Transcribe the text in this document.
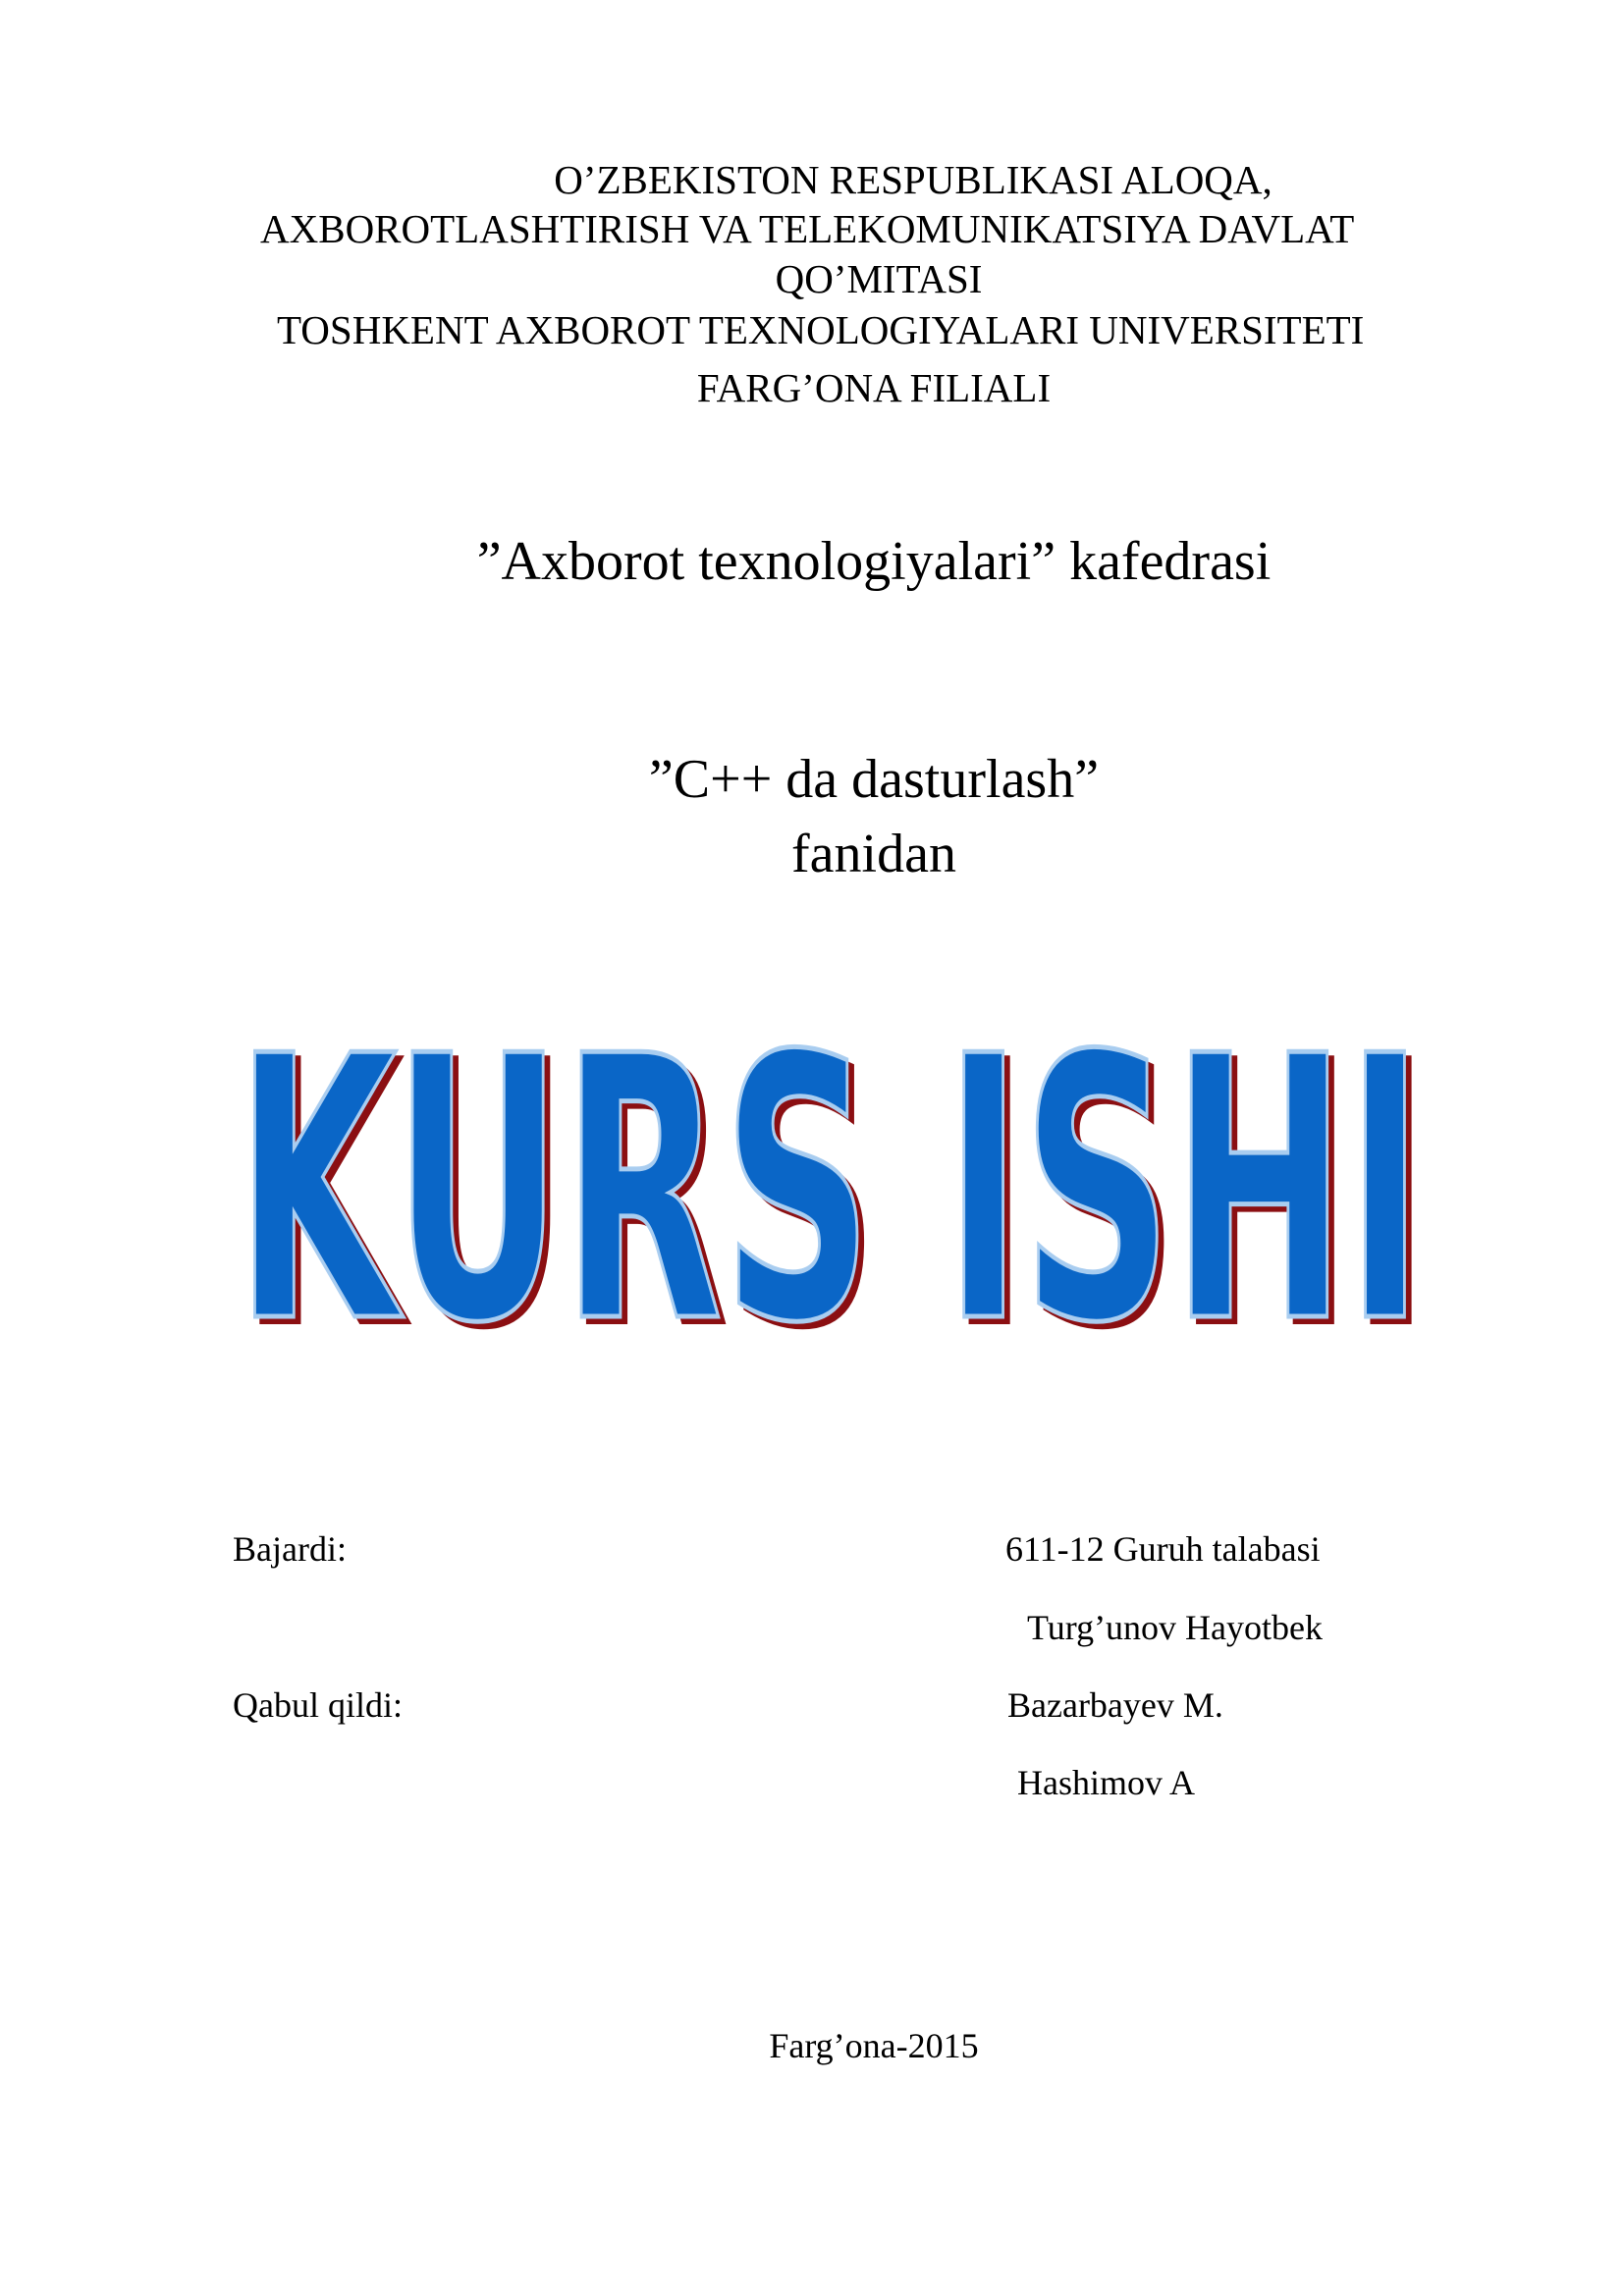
O’ZBEKISTON RESPUBLIKASI ALOQA,
AXBOROTLASHTIRISH VA TELEKOMUNIKATSIYA DAVLAT
QO’MITASI
TOSHKENT AXBOROT TEXNOLOGIYALARI UNIVERSITETI
FARG’ONA FILIALI
”Axborot texnologiyalari” kafedrasi
”C++ da dasturlash”
fanidan
KURS ISHI
KURS ISHI
Bajardi:	611-12 Guruh talabasi
Turg’unov Hayotbek
Qabul qildi:	Bazarbayev M.
Hashimov A
Farg’ona-2015
